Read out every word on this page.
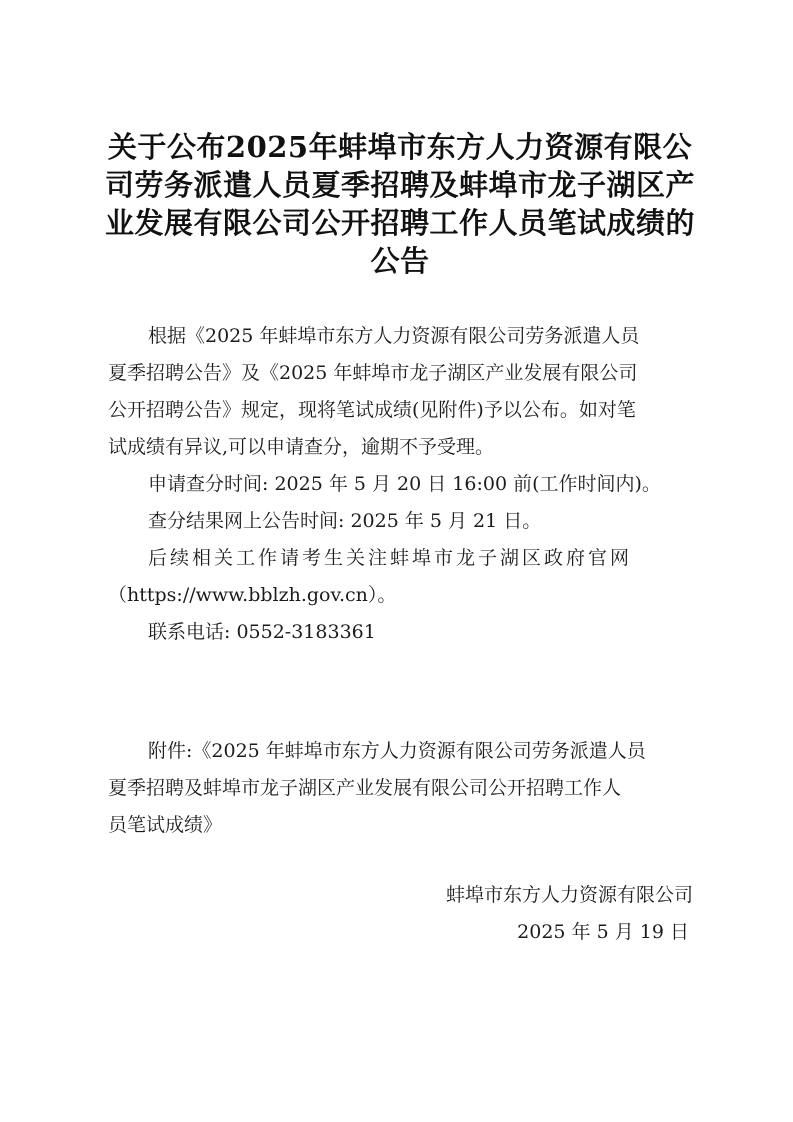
关于公布2025年蚌埠市东方人力资源有限公
司劳务派遣人员夏季招聘及蚌埠市龙子湖区产
业发展有限公司公开招聘工作人员笔试成绩的
公告
根据《2025 年蚌埠市东方人力资源有限公司劳务派遣人员
夏季招聘公告》及《2025 年蚌埠市龙子湖区产业发展有限公司
公开招聘公告》规定，现将笔试成绩(见附件)予以公布。如对笔
试成绩有异议,可以申请查分，逾期不予受理。
申请查分时间: 2025 年 5 月 20 日 16:00 前(工作时间内)。
查分结果网上公告时间: 2025 年 5 月 21 日。
后续相关工作请考生关注蚌埠市龙子湖区政府官网
（https://www.bblzh.gov.cn）。
联系电话: 0552-3183361
附件:《2025 年蚌埠市东方人力资源有限公司劳务派遣人员
夏季招聘及蚌埠市龙子湖区产业发展有限公司公开招聘工作人
员笔试成绩》
蚌埠市东方人力资源有限公司
2025 年 5 月 19 日
